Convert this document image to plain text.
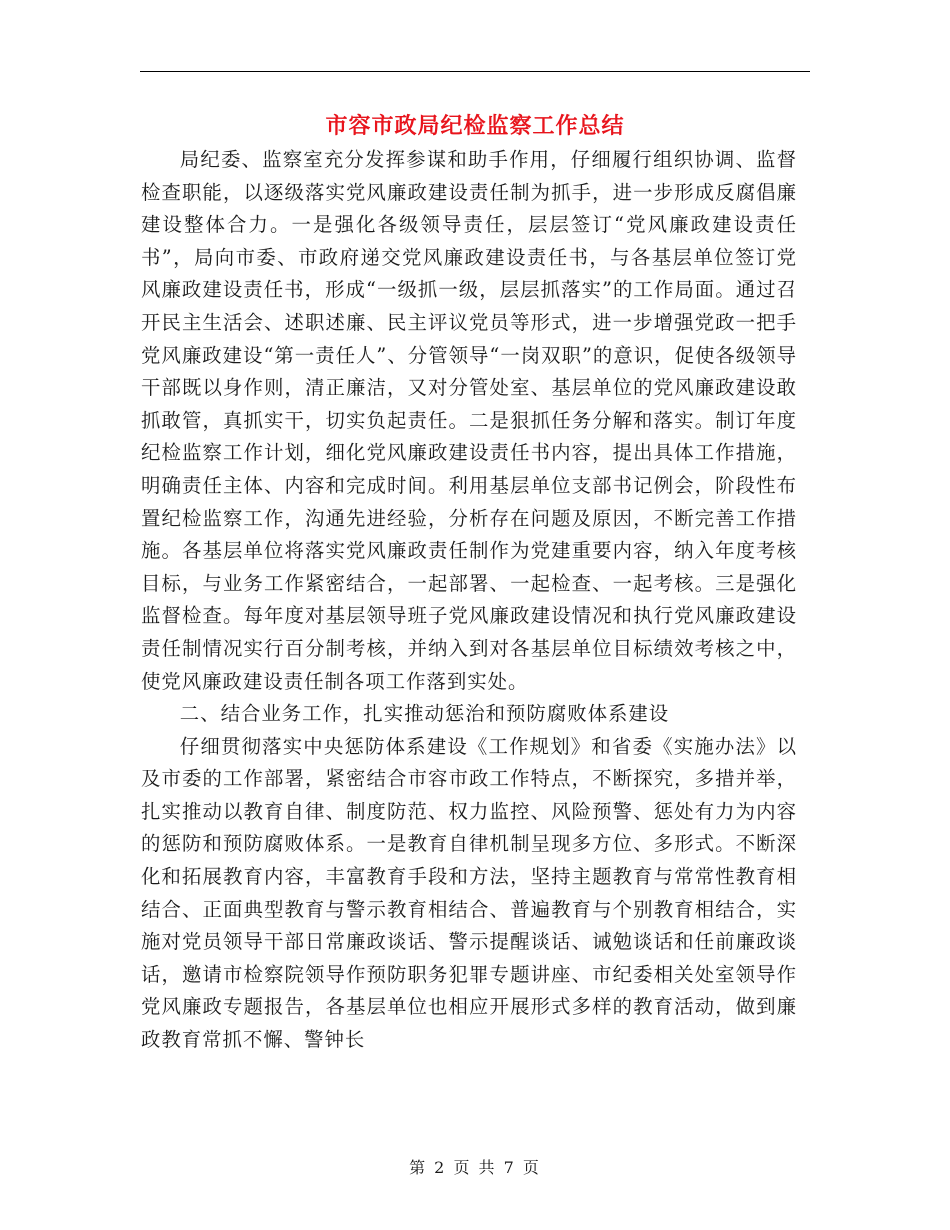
市容市政局纪检监察工作总结

局纪委、监察室充分发挥参谋和助手作用，仔细履行组织协调、监督检查职能，以逐级落实党风廉政建设责任制为抓手，进一步形成反腐倡廉建设整体合力。一是强化各级领导责任，层层签订“党风廉政建设责任书”，局向市委、市政府递交党风廉政建设责任书，与各基层单位签订党风廉政建设责任书，形成“一级抓一级，层层抓落实”的工作局面。通过召开民主生活会、述职述廉、民主评议党员等形式，进一步增强党政一把手党风廉政建设“第一责任人”、分管领导“一岗双职”的意识，促使各级领导干部既以身作则，清正廉洁，又对分管处室、基层单位的党风廉政建设敢抓敢管，真抓实干，切实负起责任。二是狠抓任务分解和落实。制订年度纪检监察工作计划，细化党风廉政建设责任书内容，提出具体工作措施，明确责任主体、内容和完成时间。利用基层单位支部书记例会，阶段性布置纪检监察工作，沟通先进经验，分析存在问题及原因，不断完善工作措施。各基层单位将落实党风廉政责任制作为党建重要内容，纳入年度考核目标，与业务工作紧密结合，一起部署、一起检查、一起考核。三是强化监督检查。每年度对基层领导班子党风廉政建设情况和执行党风廉政建设责任制情况实行百分制考核，并纳入到对各基层单位目标绩效考核之中，使党风廉政建设责任制各项工作落到实处。

二、结合业务工作，扎实推动惩治和预防腐败体系建设

仔细贯彻落实中央惩防体系建设《工作规划》和省委《实施办法》以及市委的工作部署，紧密结合市容市政工作特点，不断探究，多措并举，扎实推动以教育自律、制度防范、权力监控、风险预警、惩处有力为内容的惩防和预防腐败体系。一是教育自律机制呈现多方位、多形式。不断深化和拓展教育内容，丰富教育手段和方法，坚持主题教育与常常性教育相结合、正面典型教育与警示教育相结合、普遍教育与个别教育相结合，实施对党员领导干部日常廉政谈话、警示提醒谈话、诫勉谈话和任前廉政谈话，邀请市检察院领导作预防职务犯罪专题讲座、市纪委相关处室领导作党风廉政专题报告，各基层单位也相应开展形式多样的教育活动，做到廉政教育常抓不懈、警钟长

第 2 页 共 7 页
